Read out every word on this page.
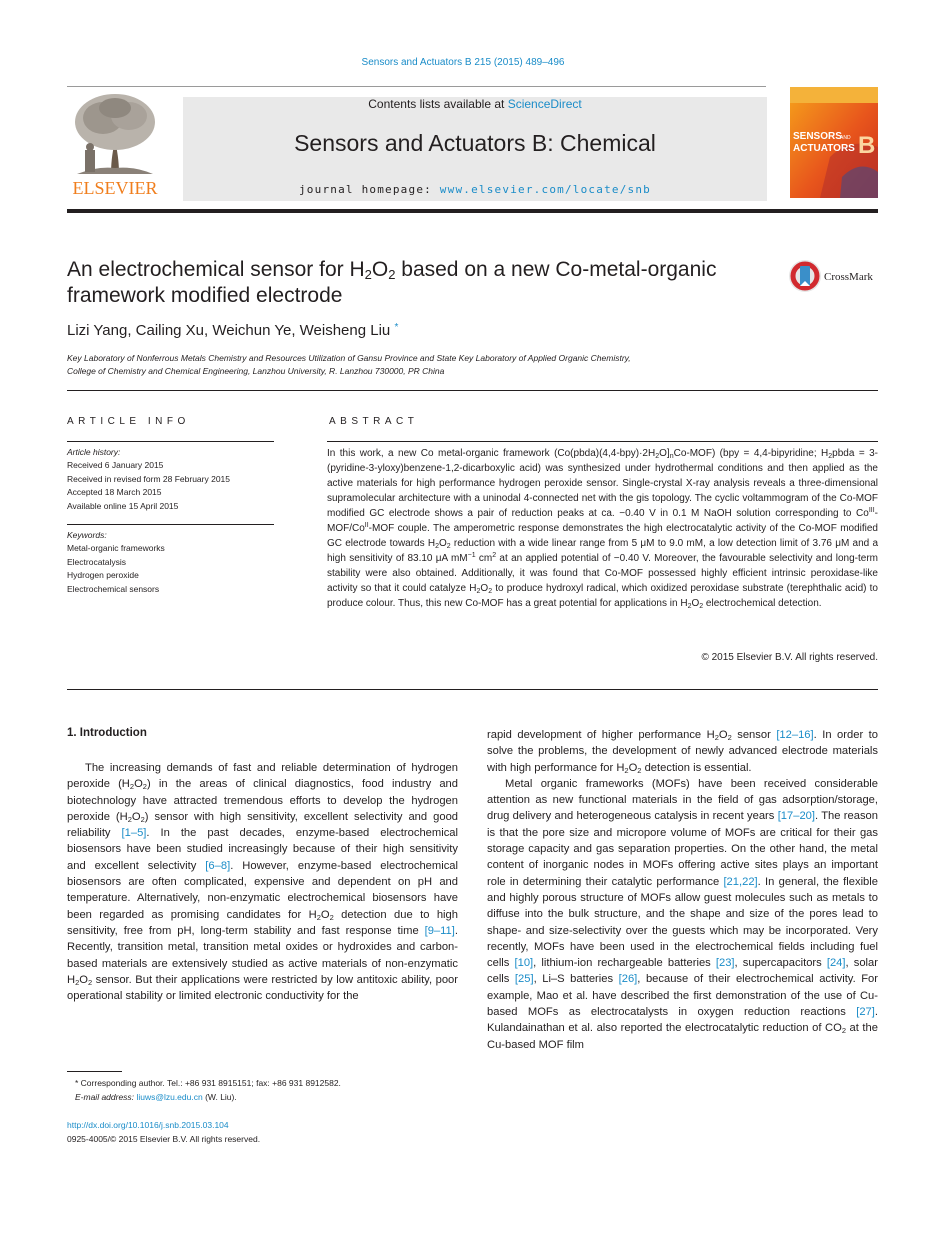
Sensors and Actuators B 215 (2015) 489–496
ELSEVIER
Contents lists available at ScienceDirect
Sensors and Actuators B: Chemical
journal homepage: www.elsevier.com/locate/snb
SENSORS
AND
ACTUATORS B
An electrochemical sensor for $H_2O_2$ based on a new Co-metal-organic framework modified electrode
CrossMark
Lizi Yang, Cailing Xu, Weichun Ye, Weisheng Liu *
Key Laboratory of Nonferrous Metals Chemistry and Resources Utilization of Gansu Province and State Key Laboratory of Applied Organic Chemistry,
College of Chemistry and Chemical Engineering, Lanzhou University, R. Lanzhou 730000, PR China
ARTICLE INFO
Article history:
Received 6 January 2015
Received in revised form 28 February 2015
Accepted 18 March 2015
Available online 15 April 2015
Keywords:
Metal-organic frameworks
Electrocatalysis
Hydrogen peroxide
Electrochemical sensors
ABSTRACT
In this work, a new Co metal-organic framework $(Co(pbda)(4,4-bpy)\cdot 2H_2O]_nCo-MOF) (bpy$ = 4,4-bipyridine; $H_2pbda$ = 3-(pyridine-3-yloxy)benzene-1,2-dicarboxylic acid) was synthesized under hydrothermal conditions and then applied as the active materials for high performance hydrogen peroxide sensor. Single-crystal X-ray analysis reveals a three-dimensional supramolecular architecture with a uninodal 4-connected net with the gis topology. The cyclic voltammogram of the Co-MOF modified GC electrode shows a pair of reduction peaks at ca. −0.40 V in 0.1 M NaOH solution corresponding to $Co^{III}-MOF/Co^{II}$-MOF couple. The amperometric response demonstrates the high electrocatalytic activity of the Co-MOF modified GC electrode towards $H_2O_2$ reduction with a wide linear range from 5 μM to 9.0 mM, a low detection limit of 3.76 μM and a high sensitivity of 83.10 μA $mM^{-1}$ $cm^2$ at an applied potential of −0.40 V. Moreover, the favourable selectivity and long-term stability were also obtained. Additionally, it was found that Co-MOF possessed highly efficient intrinsic peroxidase-like activity so that it could catalyze $H_2O_2$ to produce hydroxyl radical, which oxidized peroxidase substrate (terephthalic acid) to produce colour. Thus, this new Co-MOF has a great potential for applications in $H_2O_2$ electrochemical detection.
© 2015 Elsevier B.V. All rights reserved.
1. Introduction

The increasing demands of fast and reliable determination of hydrogen peroxide $(H_2O_2)$ in the areas of clinical diagnostics, food industry and biotechnology have attracted tremendous efforts to develop the hydrogen peroxide $(H_2O_2)$ sensor with high sensitivity, excellent selectivity and good reliability [1–5]. In the past decades, enzyme-based electrochemical biosensors have been studied increasingly because of their high sensitivity and excellent selectivity [6–8]. However, enzyme-based electrochemical biosensors are often complicated, expensive and dependent on pH and temperature. Alternatively, non-enzymatic electrochemical biosensors have been regarded as promising candidates for $H_2O_2$ detection due to high sensitivity, free from pH, long-term stability and fast response time [9–11]. Recently, transition metal, transition metal oxides or hydroxides and carbon-based materials are extensively studied as active materials of non-enzymatic $H_2O_2$ sensor. But their applications were restricted by low antitoxic ability, poor operational stability or limited electronic conductivity for the

rapid development of higher performance $H_2O_2$ sensor [12–16]. In order to solve the problems, the development of newly advanced electrode materials with high performance for $H_2O_2$ detection is essential.

Metal organic frameworks (MOFs) have been received considerable attention as new functional materials in the field of gas adsorption/storage, drug delivery and heterogeneous catalysis in recent years [17–20]. The reason is that the pore size and micropore volume of MOFs are critical for their gas storage capacity and gas separation properties. On the other hand, the metal content of inorganic nodes in MOFs offering active sites plays an important role in determining their catalytic performance [21,22]. In general, the flexible and highly porous structure of MOFs allow guest molecules such as metals to diffuse into the bulk structure, and the shape and size of the pores lead to shape- and size-selectivity over the guests which may be incorporated. Very recently, MOFs have been used in the electrochemical fields including fuel cells [10], lithium-ion rechargeable batteries [23], supercapacitors [24], solar cells [25], Li–S batteries [26], because of their electrochemical activity. For example, Mao et al. have described the first demonstration of the use of Cu-based MOFs as electrocatalysts in oxygen reduction reactions [27]. Kulandainathan et al. also reported the electrocatalytic reduction of $CO_2$ at the Cu-based MOF film

* Corresponding author. Tel.: +86 931 8915151; fax: +86 931 8912582.
E-mail address: liuws@lzu.edu.cn (W. Liu).
http://dx.doi.org/10.1016/j.snb.2015.03.104
0925-4005/© 2015 Elsevier B.V. All rights reserved.
